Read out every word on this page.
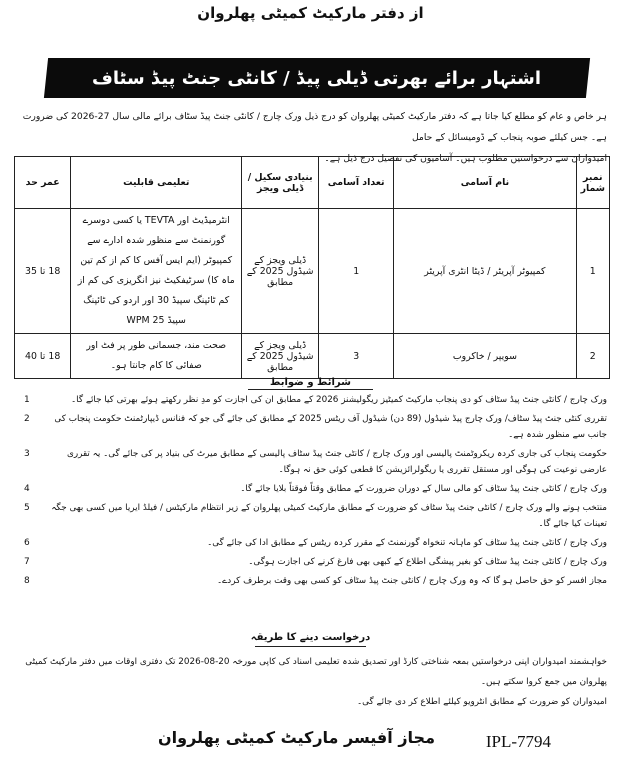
از دفتر مارکیٹ کمیٹی پھلروان
اشتہار برائے بھرتی ڈیلی پیڈ / کانٹی جنٹ پیڈ سٹاف
ہر خاص و عام کو مطلع کیا جاتا ہے کہ دفتر مارکیٹ کمیٹی پھلروان کو درج ذیل ورک چارج / کانٹی جنٹ پیڈ سٹاف برائے مالی سال 27-2026 کی ضرورت ہے۔ جس کیلئے صوبہ پنجاب کے ڈومیسائل کے حامل
امیدواران سے درخواستیں مطلوب ہیں۔ آسامیوں کی تفصیل درج ذیل ہے۔
نمبر شمار	نام آسامی	تعداد آسامی	بنیادی سکیل / ڈیلی ویجز	تعلیمی قابلیت	عمر حد
1	کمپیوٹر آپریٹر / ڈیٹا انٹری آپریٹر	1	ڈیلی ویجز کے شیڈول 2025 کے مطابق	انٹرمیڈیٹ اور TEVTA یا کسی دوسرے گورنمنٹ سے منظور شدہ ادارے سے کمپیوٹر (ایم ایس آفس کا کم از کم تین ماہ کا) سرٹیفکیٹ نیز انگریزی کی کم از کم ٹائپنگ سپیڈ 30 اور اردو کی ٹائپنگ سپیڈ 25 WPM	18 تا 35
2	سویپر / خاکروب	3	ڈیلی ویجز کے شیڈول 2025 کے مطابق	صحت مند، جسمانی طور پر فٹ اور صفائی کا کام جانتا ہو۔	18 تا 40
شرائط و ضوابط
ورک چارج / کانٹی جنٹ پیڈ سٹاف کو دی پنجاب مارکیٹ کمیٹیز ریگولیشنز 2026 کے مطابق ان کی اجازت کو مدِ نظر رکھتے ہوئے بھرتی کیا جائے گا۔
1
تقرری کنٹی جنٹ پیڈ سٹاف/ ورک چارج پیڈ شیڈول (89 دن) شیڈول آف ریٹس 2025 کے مطابق کی جائے گی جو کہ فنانس ڈیپارٹمنٹ حکومت پنجاب کی جانب سے منظور شدہ ہے۔
2
حکومت پنجاب کی جاری کردہ ریکروٹمنٹ پالیسی اور ورک چارج / کانٹی جنٹ پیڈ سٹاف پالیسی کے مطابق میرٹ کی بنیاد پر کی جائے گی۔ یہ تقرری عارضی نوعیت کی ہوگی اور مستقل تقرری یا ریگولرائزیشن کا قطعی کوئی حق نہ ہوگا۔
3
ورک چارج / کانٹی جنٹ پیڈ سٹاف کو مالی سال کے دوران ضرورت کے مطابق وقتاً فوقتاً بلایا جائے گا۔
4
منتخب ہونے والے ورک چارج / کانٹی جنٹ پیڈ سٹاف کو ضرورت کے مطابق مارکیٹ کمیٹی پھلروان کے زیر انتظام مارکیٹس / فیلڈ ایریا میں کسی بھی جگہ تعینات کیا جائے گا۔
5
ورک چارج / کانٹی جنٹ پیڈ سٹاف کو ماہانہ تنخواہ گورنمنٹ کے مقرر کردہ ریٹس کے مطابق ادا کی جائے گی۔
6
ورک چارج / کانٹی جنٹ پیڈ سٹاف کو بغیر پیشگی اطلاع کے کبھی بھی فارغ کرنے کی اجازت ہوگی۔
7
مجاز افسر کو حق حاصل ہو گا کہ وہ ورک چارج / کانٹی جنٹ پیڈ سٹاف کو کسی بھی وقت برطرف کردے۔
8
درخواست دینے کا طریقہ
خواہشمند امیدواران اپنی درخواستیں بمعہ شناختی کارڈ اور تصدیق شدہ تعلیمی اسناد کی کاپی مورخہ 20-08-2026 تک دفتری اوقات میں دفتر مارکیٹ کمیٹی پھلروان میں جمع کروا سکتے ہیں۔
امیدواران کو ضرورت کے مطابق انٹرویو کیلئے اطلاع کر دی جائے گی۔
مجاز آفیسر مارکیٹ کمیٹی پھلروان	IPL-7794
